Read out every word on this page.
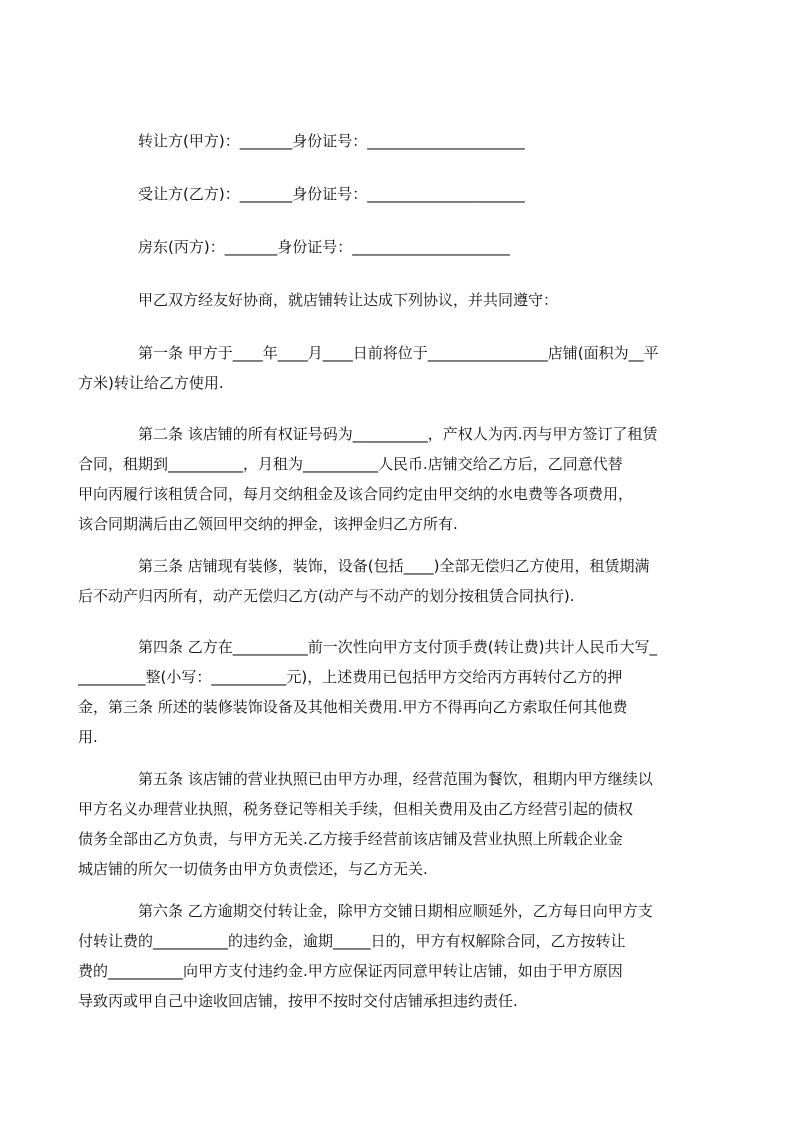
转让方(甲方)：_______身份证号：_____________________
受让方(乙方)：_______身份证号：_____________________
房东(丙方)：_______身份证号：_____________________
甲乙双方经友好协商，就店铺转让达成下列协议，并共同遵守：
第一条 甲方于____年____月____日前将位于________________店铺(面积为__平
方米)转让给乙方使用.
第二条 该店铺的所有权证号码为__________，产权人为丙.丙与甲方签订了租赁
合同，租期到__________，月租为__________人民币.店铺交给乙方后，乙同意代替
甲向丙履行该租赁合同，每月交纳租金及该合同约定由甲交纳的水电费等各项费用，
该合同期满后由乙领回甲交纳的押金，该押金归乙方所有.
第三条 店铺现有装修，装饰，设备(包括____)全部无偿归乙方使用，租赁期满
后不动产归丙所有，动产无偿归乙方(动产与不动产的划分按租赁合同执行).
第四条 乙方在__________前一次性向甲方支付顶手费(转让费)共计人民币大写_
_________整(小写：__________元)，上述费用已包括甲方交给丙方再转付乙方的押
金，第三条 所述的装修装饰设备及其他相关费用.甲方不得再向乙方索取任何其他费
用.
第五条 该店铺的营业执照已由甲方办理，经营范围为餐饮，租期内甲方继续以
甲方名义办理营业执照，税务登记等相关手续，但相关费用及由乙方经营引起的债权
债务全部由乙方负责，与甲方无关.乙方接手经营前该店铺及营业执照上所载企业金
城店铺的所欠一切债务由甲方负责偿还，与乙方无关.
第六条 乙方逾期交付转让金，除甲方交铺日期相应顺延外，乙方每日向甲方支
付转让费的__________的违约金，逾期_____日的，甲方有权解除合同，乙方按转让
费的__________向甲方支付违约金.甲方应保证丙同意甲转让店铺，如由于甲方原因
导致丙或甲自己中途收回店铺，按甲不按时交付店铺承担违约责任.
